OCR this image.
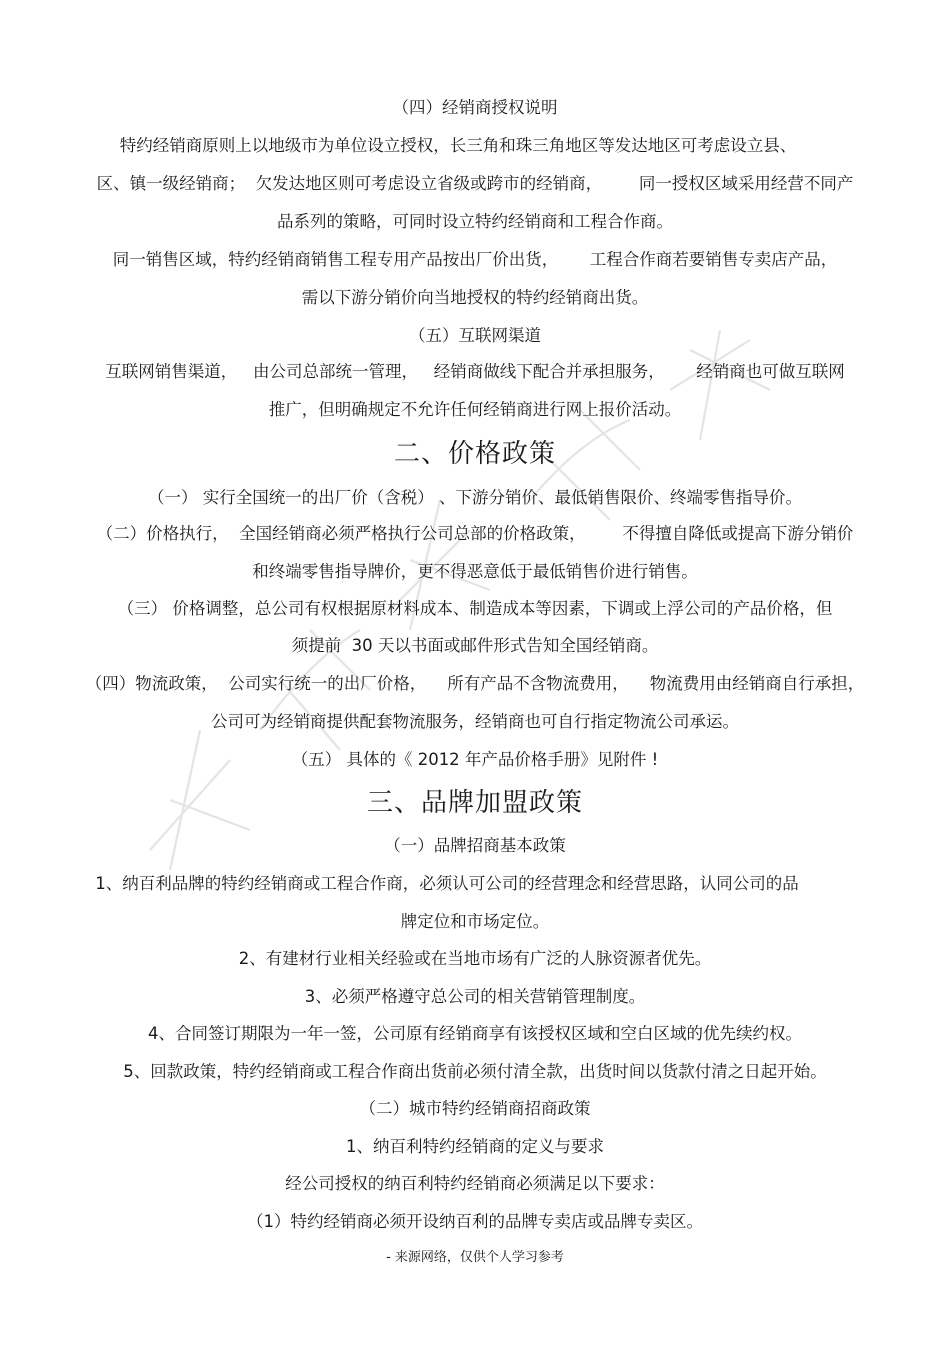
（四）经销商授权说明
特约经销商原则上以地级市为单位设立授权，长三角和珠三角地区等发达地区可考虑设立县、
区、镇一级经销商；  欠发达地区则可考虑设立省级或跨市的经销商，       同一授权区域采用经营不同产
品系列的策略，可同时设立特约经销商和工程合作商。
同一销售区域，特约经销商销售工程专用产品按出厂价出货，      工程合作商若要销售专卖店产品，
需以下游分销价向当地授权的特约经销商出货。
（五）互联网渠道
互联网销售渠道，   由公司总部统一管理，   经销商做线下配合并承担服务，      经销商也可做互联网
推广，但明确规定不允许任何经销商进行网上报价活动。
二、价格政策
（一） 实行全国统一的出厂价（含税） 、下游分销价、最低销售限价、终端零售指导价。
（二）价格执行，  全国经销商必须严格执行公司总部的价格政策，       不得擅自降低或提高下游分销价
和终端零售指导牌价，更不得恶意低于最低销售价进行销售。
（三） 价格调整，总公司有权根据原材料成本、制造成本等因素，下调或上浮公司的产品价格，但
须提前  30 天以书面或邮件形式告知全国经销商。
（四）物流政策，  公司实行统一的出厂价格，    所有产品不含物流费用，    物流费用由经销商自行承担，
公司可为经销商提供配套物流服务，经销商也可自行指定物流公司承运。
（五） 具体的《 2012 年产品价格手册》见附件 !
三、品牌加盟政策
（一）品牌招商基本政策
1、纳百利品牌的特约经销商或工程合作商，必须认可公司的经营理念和经营思路，认同公司的品
牌定位和市场定位。
2、有建材行业相关经验或在当地市场有广泛的人脉资源者优先。
3、必须严格遵守总公司的相关营销管理制度。
4、合同签订期限为一年一签，公司原有经销商享有该授权区域和空白区域的优先续约权。
5、回款政策，特约经销商或工程合作商出货前必须付清全款，出货时间以货款付清之日起开始。
（二）城市特约经销商招商政策
1、纳百利特约经销商的定义与要求
经公司授权的纳百利特约经销商必须满足以下要求：
（1）特约经销商必须开设纳百利的品牌专卖店或品牌专卖区。
- 来源网络，仅供个人学习参考
